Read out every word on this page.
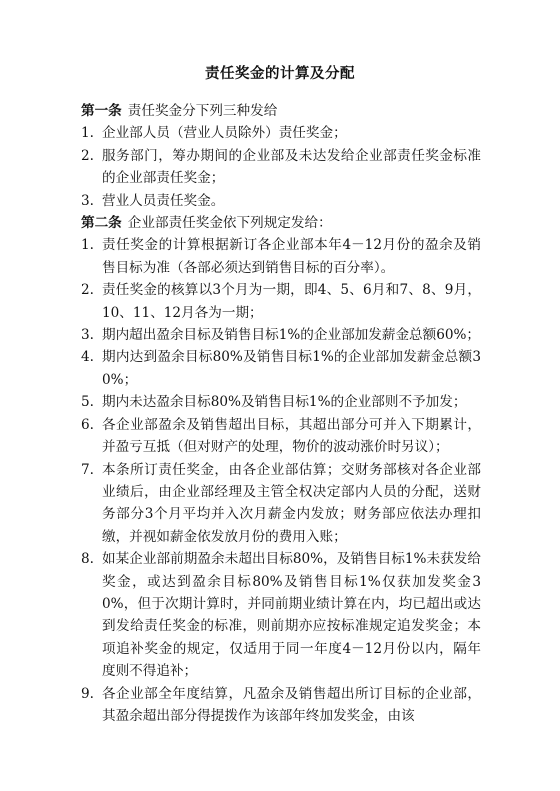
责任奖金的计算及分配
第一条 责任奖金分下列三种发给
1. 企业部人员（营业人员除外）责任奖金；
2. 服务部门，筹办期间的企业部及未达发给企业部责任奖金标准的企业部责任奖金；
3. 营业人员责任奖金。
第二条 企业部责任奖金依下列规定发给：
1. 责任奖金的计算根据新订各企业部本年4－12月份的盈余及销售目标为准（各部必须达到销售目标的百分率）。
2. 责任奖金的核算以3个月为一期，即4、5、6月和7、8、9月，10、11、12月各为一期；
3. 期内超出盈余目标及销售目标1%的企业部加发薪金总额60%；
4. 期内达到盈余目标80%及销售目标1%的企业部加发薪金总额30%；
5. 期内未达盈余目标80%及销售目标1%的企业部则不予加发；
6. 各企业部盈余及销售超出目标，其超出部分可并入下期累计，并盈亏互抵（但对财产的处理，物价的波动涨价时另议）；
7. 本条所订责任奖金，由各企业部估算；交财务部核对各企业部业绩后，由企业部经理及主管全权决定部内人员的分配，送财务部分3个月平均并入次月薪金内发放；财务部应依法办理扣缴，并视如薪金依发放月份的费用入账；
8. 如某企业部前期盈余未超出目标80%，及销售目标1%未获发给奖金，或达到盈余目标80%及销售目标1%仅获加发奖金30%，但于次期计算时，并同前期业绩计算在内，均已超出或达到发给责任奖金的标准，则前期亦应按标准规定追发奖金；本项追补奖金的规定，仅适用于同一年度4－12月份以内，隔年度则不得追补；
9. 各企业部全年度结算，凡盈余及销售超出所订目标的企业部，其盈余超出部分得提拨作为该部年终加发奖金，由该
